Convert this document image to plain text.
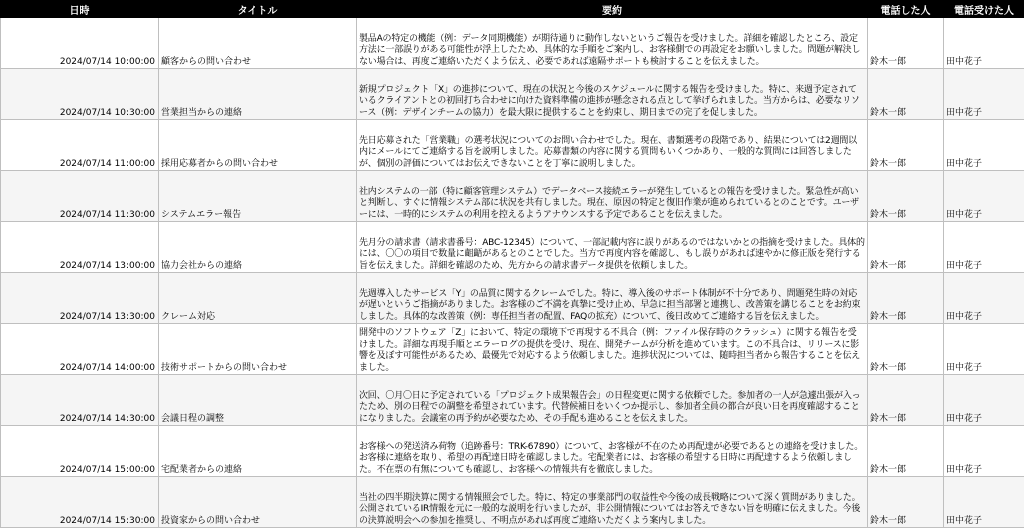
日時	タイトル	要約	電話した人	電話受けた人
2024/07/14 10:00:00	顧客からの問い合わせ	製品Aの特定の機能（例：データ同期機能）が期待通りに動作しないというご報告を受けました。詳細を確認したところ、設定方法に一部誤りがある可能性が浮上したため、具体的な手順をご案内し、お客様側での再設定をお願いしました。問題が解決しない場合は、再度ご連絡いただくよう伝え、必要であれば遠隔サポートも検討することを伝えました。	鈴木一郎	田中花子
2024/07/14 10:30:00	営業担当からの連絡	新規プロジェクト「X」の進捗について、現在の状況と今後のスケジュールに関する報告を受けました。特に、来週予定されているクライアントとの初回打ち合わせに向けた資料準備の進捗が懸念される点として挙げられました。当方からは、必要なリソース（例：デザインチームの協力）を最大限に提供することを約束し、期日までの完了を促しました。	鈴木一郎	田中花子
2024/07/14 11:00:00	採用応募者からの問い合わせ	先日応募された「営業職」の選考状況についてのお問い合わせでした。現在、書類選考の段階であり、結果については2週間以内にメールにてご連絡する旨を説明しました。応募書類の内容に関する質問もいくつかあり、一般的な質問には回答しましたが、個別の評価についてはお伝えできないことを丁寧に説明しました。	鈴木一郎	田中花子
2024/07/14 11:30:00	システムエラー報告	社内システムの一部（特に顧客管理システム）でデータベース接続エラーが発生しているとの報告を受けました。緊急性が高いと判断し、すぐに情報システム部に状況を共有しました。現在、原因の特定と復旧作業が進められているとのことです。ユーザーには、一時的にシステムの利用を控えるようアナウンスする予定であることを伝えました。	鈴木一郎	田中花子
2024/07/14 13:00:00	協力会社からの連絡	先月分の請求書（請求書番号：ABC-12345）について、一部記載内容に誤りがあるのではないかとの指摘を受けました。具体的には、〇〇の項目で数量に齟齬があるとのことでした。当方で再度内容を確認し、もし誤りがあれば速やかに修正版を発行する旨を伝えました。詳細を確認のため、先方からの請求書データ提供を依頼しました。	鈴木一郎	田中花子
2024/07/14 13:30:00	クレーム対応	先週導入したサービス「Y」の品質に関するクレームでした。特に、導入後のサポート体制が不十分であり、問題発生時の対応が遅いというご指摘がありました。お客様のご不満を真摯に受け止め、早急に担当部署と連携し、改善策を講じることをお約束しました。具体的な改善策（例：専任担当者の配置、FAQの拡充）について、後日改めてご連絡する旨を伝えました。	鈴木一郎	田中花子
2024/07/14 14:00:00	技術サポートからの問い合わせ	開発中のソフトウェア「Z」において、特定の環境下で再現する不具合（例：ファイル保存時のクラッシュ）に関する報告を受けました。詳細な再現手順とエラーログの提供を受け、現在、開発チームが分析を進めています。この不具合は、リリースに影響を及ぼす可能性があるため、最優先で対応するよう依頼しました。進捗状況については、随時担当者から報告することを伝えました。	鈴木一郎	田中花子
2024/07/14 14:30:00	会議日程の調整	次回、〇月〇日に予定されている「プロジェクト成果報告会」の日程変更に関する依頼でした。参加者の一人が急遽出張が入ったため、別の日程での調整を希望されています。代替候補日をいくつか提示し、参加者全員の都合が良い日を再度確認することになりました。会議室の再予約が必要なため、その手配も進めることを伝えました。	鈴木一郎	田中花子
2024/07/14 15:00:00	宅配業者からの連絡	お客様への発送済み荷物（追跡番号：TRK-67890）について、お客様が不在のため再配達が必要であるとの連絡を受けました。お客様に連絡を取り、希望の再配達日時を確認しました。宅配業者には、お客様の希望する日時に再配達するよう依頼しました。不在票の有無についても確認し、お客様への情報共有を徹底しました。	鈴木一郎	田中花子
2024/07/14 15:30:00	投資家からの問い合わせ	当社の四半期決算に関する情報照会でした。特に、特定の事業部門の収益性や今後の成長戦略について深く質問がありました。公開されているIR情報を元に一般的な説明を行いましたが、非公開情報についてはお答えできない旨を明確に伝えました。今後の決算説明会への参加を推奨し、不明点があれば再度ご連絡いただくよう案内しました。	鈴木一郎	田中花子
